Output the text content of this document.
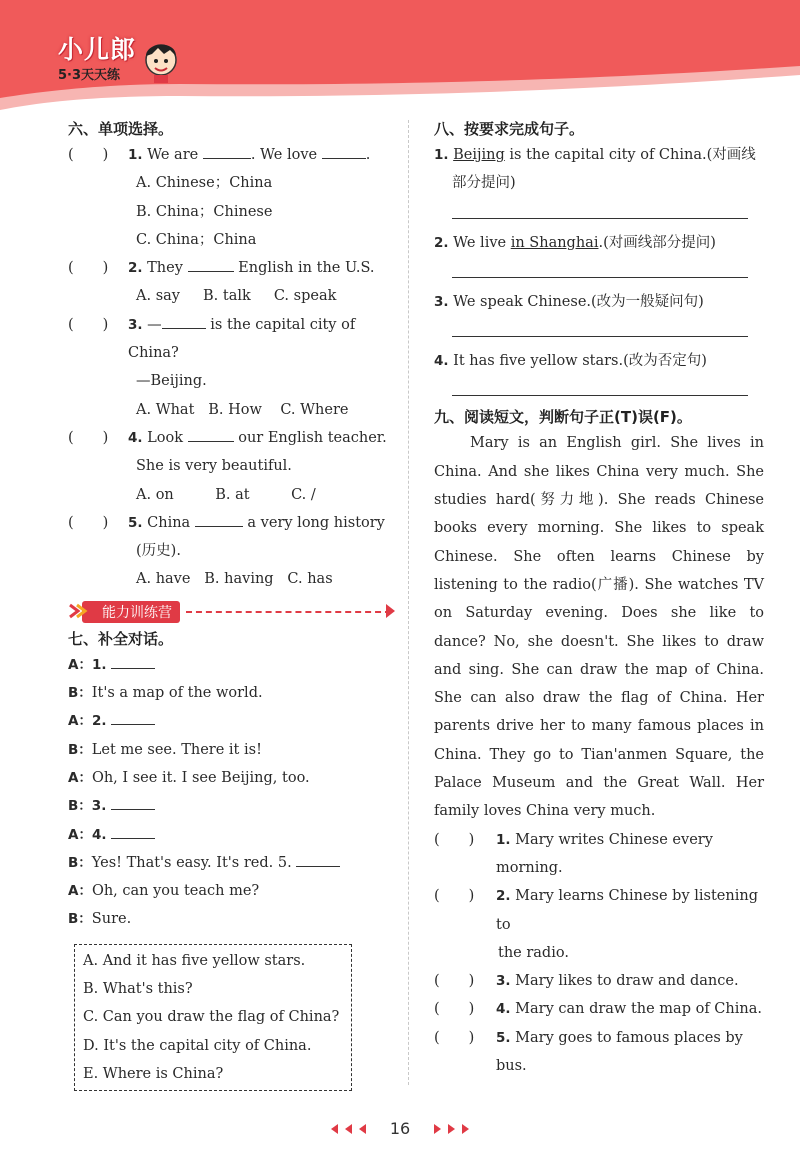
小儿郎
5·3天天练
六、单项选择。
(　　)	1. We are	. We love	.
A. Chinese；China
B. China；Chinese
C. China；China
(　　)	2. They	English in the U.S.
A. say B. talk C. speak
(　　)	3. —	is the capital city of China?
—Beijing.
A. What B. How C. Where
(　　)	4. Look	our English teacher.
She is very beautiful.
A. on	B. at	C. /
(　　)	5. China	a very long history
(历史).
A. have B. having C. has
能力训练营
七、补全对话。
A：1.
B：It's a map of the world.
A：2.
B：Let me see. There it is!
A：Oh, I see it. I see Beijing, too.
B：3.
A：4.
B：Yes! That's easy. It's red. 5.
A：Oh, can you teach me?
B：Sure.
A. And it has five yellow stars.
B. What's this?
C. Can you draw the flag of China?
D. It's the capital city of China.
E. Where is China?
八、按要求完成句子。
1. Beijing is the capital city of China.(对画线
部分提问)
2. We live in Shanghai.(对画线部分提问)
3. We speak Chinese.(改为一般疑问句)
4. It has five yellow stars.(改为否定句)
九、阅读短文，判断句子正(T)误(F)。
Mary is an English girl. She lives in China. And she likes China very much. She studies hard(努力地). She reads Chinese books every morning. She likes to speak Chinese. She often learns Chinese by listening to the radio(广播). She watches TV on Saturday evening. Does she like to dance? No, she doesn't. She likes to draw and sing. She can draw the map of China. She can also draw the flag of China. Her parents drive her to many famous places in China. They go to Tian'anmen Square, the Palace Museum and the Great Wall. Her family loves China very much.
(　　)	1. Mary writes Chinese every morning.
(　　)	2. Mary learns Chinese by listening to
the radio.
(　　)	3. Mary likes to draw and dance.
(　　)	4. Mary can draw the map of China.
(　　)	5. Mary goes to famous places by bus.
16
